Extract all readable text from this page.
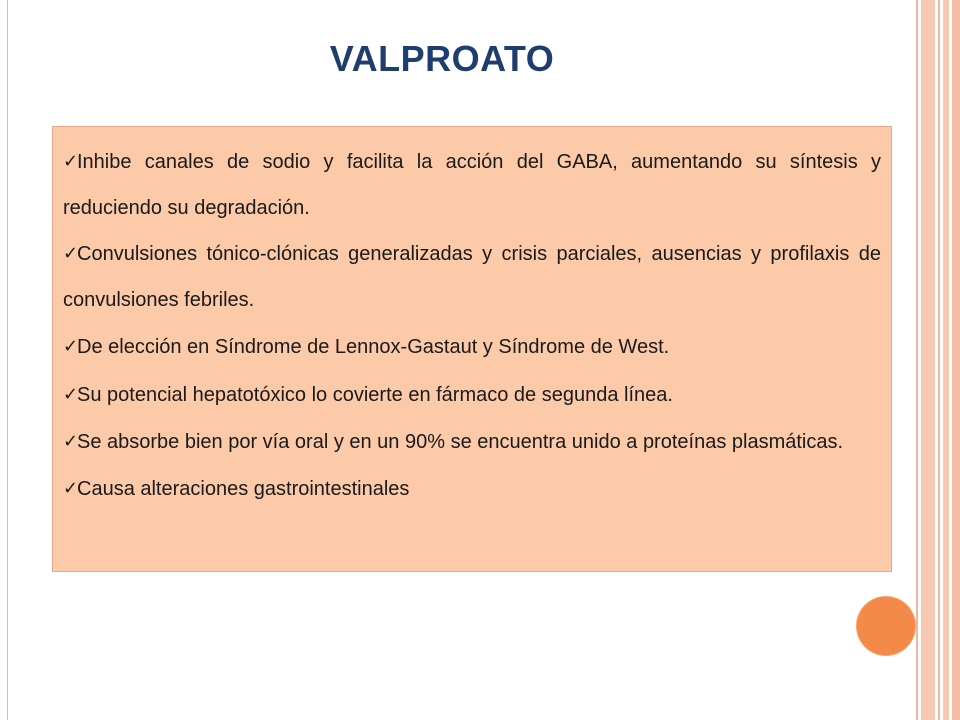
VALPROATO

✓
Inhibe canales de sodio y facilita la acción del GABA, aumentando su síntesis y reduciendo su degradación.

✓
Convulsiones tónico-clónicas generalizadas y crisis parciales, ausencias y profilaxis de convulsiones febriles.

✓
De elección en Síndrome de Lennox-Gastaut y Síndrome de West.

✓
Su potencial hepatotóxico lo covierte en fármaco de segunda línea.

✓
Se absorbe bien por vía oral y en un 90% se encuentra unido a proteínas plasmáticas.

✓
Causa alteraciones gastrointestinales
